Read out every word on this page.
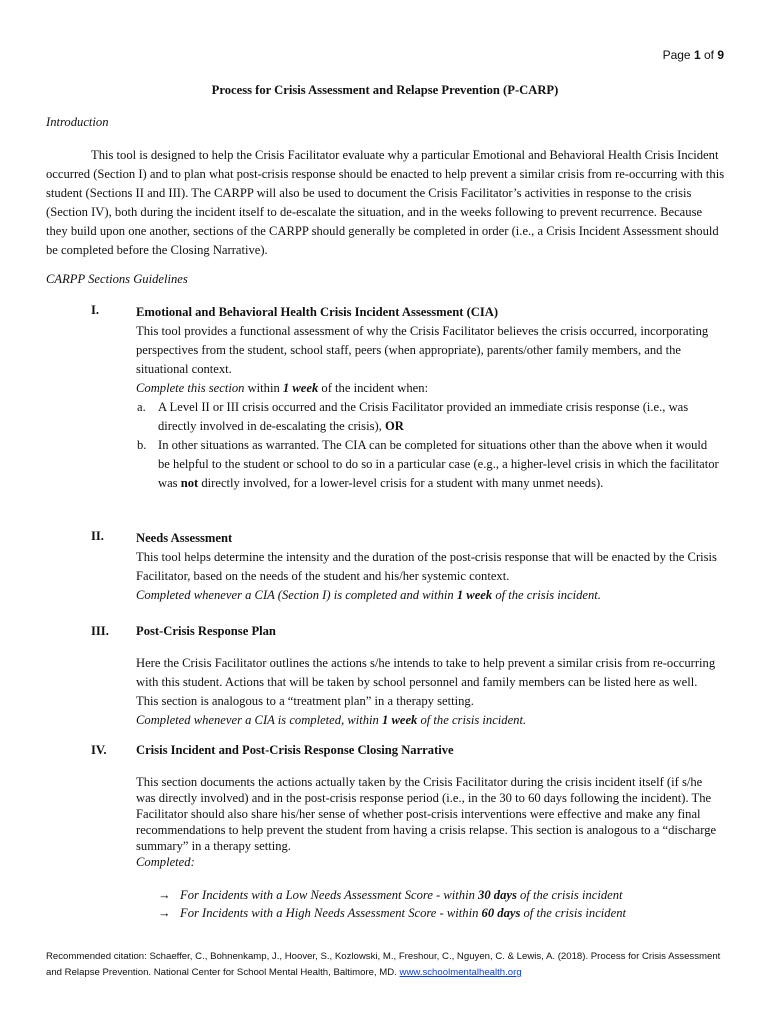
Page 1 of 9
Process for Crisis Assessment and Relapse Prevention (P-CARP)
Introduction
This tool is designed to help the Crisis Facilitator evaluate why a particular Emotional and Behavioral Health Crisis Incident occurred (Section I) and to plan what post-crisis response should be enacted to help prevent a similar crisis from re-occurring with this student (Sections II and III). The CARPP will also be used to document the Crisis Facilitator’s activities in response to the crisis (Section IV), both during the incident itself to de-escalate the situation, and in the weeks following to prevent recurrence. Because they build upon one another, sections of the CARPP should generally be completed in order (i.e., a Crisis Incident Assessment should be completed before the Closing Narrative).
CARPP Sections Guidelines
I.	Emotional and Behavioral Health Crisis Incident Assessment (CIA)
This tool provides a functional assessment of why the Crisis Facilitator believes the crisis occurred, incorporating perspectives from the student, school staff, peers (when appropriate), parents/other family members, and the situational context.
Complete this section within 1 week of the incident when:
a. A Level II or III crisis occurred and the Crisis Facilitator provided an immediate crisis response (i.e., was directly involved in de-escalating the crisis), OR
b. In other situations as warranted. The CIA can be completed for situations other than the above when it would be helpful to the student or school to do so in a particular case (e.g., a higher-level crisis in which the facilitator was not directly involved, for a lower-level crisis for a student with many unmet needs).
II.	Needs Assessment
This tool helps determine the intensity and the duration of the post-crisis response that will be enacted by the Crisis Facilitator, based on the needs of the student and his/her systemic context.
Completed whenever a CIA (Section I) is completed and within 1 week of the crisis incident.
III. Post-Crisis Response Plan
Here the Crisis Facilitator outlines the actions s/he intends to take to help prevent a similar crisis from re-occurring with this student. Actions that will be taken by school personnel and family members can be listed here as well. This section is analogous to a “treatment plan” in a therapy setting.
Completed whenever a CIA is completed, within 1 week of the crisis incident.
IV. Crisis Incident and Post-Crisis Response Closing Narrative
This section documents the actions actually taken by the Crisis Facilitator during the crisis incident itself (if s/he was directly involved) and in the post-crisis response period (i.e., in the 30 to 60 days following the incident). The Facilitator should also share his/her sense of whether post-crisis interventions were effective and make any final recommendations to help prevent the student from having a crisis relapse. This section is analogous to a “discharge summary” in a therapy setting.
Completed:
→ For Incidents with a Low Needs Assessment Score - within 30 days of the crisis incident
→ For Incidents with a High Needs Assessment Score - within 60 days of the crisis incident
Recommended citation: Schaeffer, C., Bohnenkamp, J., Hoover, S., Kozlowski, M., Freshour, C., Nguyen, C. & Lewis, A. (2018). Process for Crisis Assessment and Relapse Prevention. National Center for School Mental Health, Baltimore, MD. www.schoolmentalhealth.org
